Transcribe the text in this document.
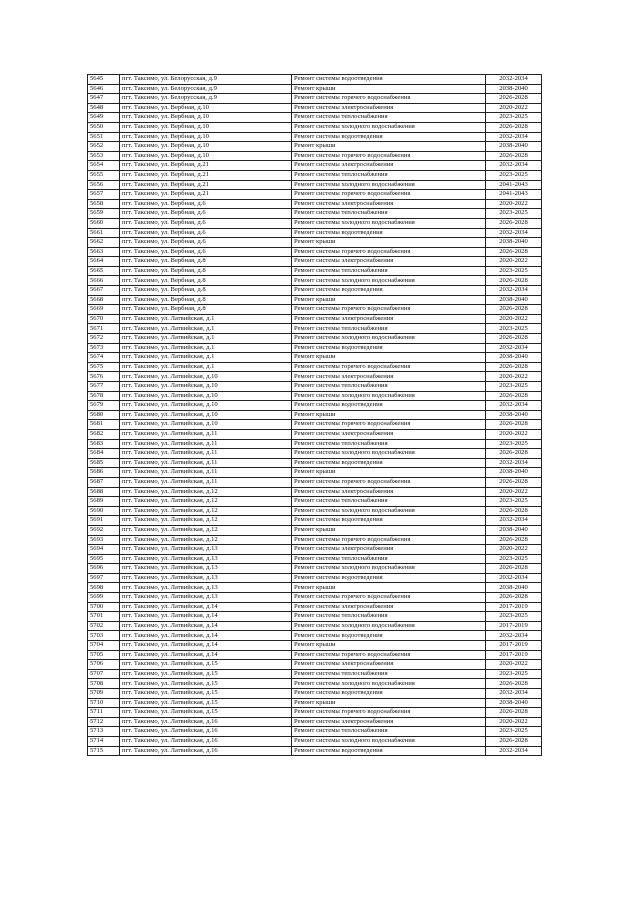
5645	пгт. Таксимо, ул. Белорусская, д.9	Ремонт системы водоотведения	2032-2034
5646	пгт. Таксимо, ул. Белорусская, д.9	Ремонт крыши	2038-2040
5647	пгт. Таксимо, ул. Белорусская, д.9	Ремонт системы горячего водоснабжения	2026-2028
5648	пгт. Таксимо, ул. Вербная, д.10	Ремонт системы электроснабжения	2020-2022
5649	пгт. Таксимо, ул. Вербная, д.10	Ремонт системы теплоснабжения	2023-2025
5650	пгт. Таксимо, ул. Вербная, д.10	Ремонт системы холодного водоснабжения	2026-2028
5651	пгт. Таксимо, ул. Вербная, д.10	Ремонт системы водоотведения	2032-2034
5652	пгт. Таксимо, ул. Вербная, д.10	Ремонт крыши	2038-2040
5653	пгт. Таксимо, ул. Вербная, д.10	Ремонт системы горячего водоснабжения	2026-2028
5654	пгт. Таксимо, ул. Вербная, д.21	Ремонт системы электроснабжения	2032-2034
5655	пгт. Таксимо, ул. Вербная, д.21	Ремонт системы теплоснабжения	2023-2025
5656	пгт. Таксимо, ул. Вербная, д.21	Ремонт системы холодного водоснабжения	2041-2043
5657	пгт. Таксимо, ул. Вербная, д.21	Ремонт системы горячего водоснабжения	2041-2043
5658	пгт. Таксимо, ул. Вербная, д.6	Ремонт системы электроснабжения	2020-2022
5659	пгт. Таксимо, ул. Вербная, д.6	Ремонт системы теплоснабжения	2023-2025
5660	пгт. Таксимо, ул. Вербная, д.6	Ремонт системы холодного водоснабжения	2026-2028
5661	пгт. Таксимо, ул. Вербная, д.6	Ремонт системы водоотведения	2032-2034
5662	пгт. Таксимо, ул. Вербная, д.6	Ремонт крыши	2038-2040
5663	пгт. Таксимо, ул. Вербная, д.6	Ремонт системы горячего водоснабжения	2026-2028
5664	пгт. Таксимо, ул. Вербная, д.8	Ремонт системы электроснабжения	2020-2022
5665	пгт. Таксимо, ул. Вербная, д.8	Ремонт системы теплоснабжения	2023-2025
5666	пгт. Таксимо, ул. Вербная, д.8	Ремонт системы холодного водоснабжения	2026-2028
5667	пгт. Таксимо, ул. Вербная, д.8	Ремонт системы водоотведения	2032-2034
5668	пгт. Таксимо, ул. Вербная, д.8	Ремонт крыши	2038-2040
5669	пгт. Таксимо, ул. Вербная, д.8	Ремонт системы горячего водоснабжения	2026-2028
5670	пгт. Таксимо, ул. Латвийская, д.1	Ремонт системы электроснабжения	2020-2022
5671	пгт. Таксимо, ул. Латвийская, д.1	Ремонт системы теплоснабжения	2023-2025
5672	пгт. Таксимо, ул. Латвийская, д.1	Ремонт системы холодного водоснабжения	2026-2028
5673	пгт. Таксимо, ул. Латвийская, д.1	Ремонт системы водоотведения	2032-2034
5674	пгт. Таксимо, ул. Латвийская, д.1	Ремонт крыши	2038-2040
5675	пгт. Таксимо, ул. Латвийская, д.1	Ремонт системы горячего водоснабжения	2026-2028
5676	пгт. Таксимо, ул. Латвийская, д.10	Ремонт системы электроснабжения	2020-2022
5677	пгт. Таксимо, ул. Латвийская, д.10	Ремонт системы теплоснабжения	2023-2025
5678	пгт. Таксимо, ул. Латвийская, д.10	Ремонт системы холодного водоснабжения	2026-2028
5679	пгт. Таксимо, ул. Латвийская, д.10	Ремонт системы водоотведения	2032-2034
5680	пгт. Таксимо, ул. Латвийская, д.10	Ремонт крыши	2038-2040
5681	пгт. Таксимо, ул. Латвийская, д.10	Ремонт системы горячего водоснабжения	2026-2028
5682	пгт. Таксимо, ул. Латвийская, д.11	Ремонт системы электроснабжения	2020-2022
5683	пгт. Таксимо, ул. Латвийская, д.11	Ремонт системы теплоснабжения	2023-2025
5684	пгт. Таксимо, ул. Латвийская, д.11	Ремонт системы холодного водоснабжения	2026-2028
5685	пгт. Таксимо, ул. Латвийская, д.11	Ремонт системы водоотведения	2032-2034
5686	пгт. Таксимо, ул. Латвийская, д.11	Ремонт крыши	2038-2040
5687	пгт. Таксимо, ул. Латвийская, д.11	Ремонт системы горячего водоснабжения	2026-2028
5688	пгт. Таксимо, ул. Латвийская, д.12	Ремонт системы электроснабжения	2020-2022
5689	пгт. Таксимо, ул. Латвийская, д.12	Ремонт системы теплоснабжения	2023-2025
5690	пгт. Таксимо, ул. Латвийская, д.12	Ремонт системы холодного водоснабжения	2026-2028
5691	пгт. Таксимо, ул. Латвийская, д.12	Ремонт системы водоотведения	2032-2034
5692	пгт. Таксимо, ул. Латвийская, д.12	Ремонт крыши	2038-2040
5693	пгт. Таксимо, ул. Латвийская, д.12	Ремонт системы горячего водоснабжения	2026-2028
5694	пгт. Таксимо, ул. Латвийская, д.13	Ремонт системы электроснабжения	2020-2022
5695	пгт. Таксимо, ул. Латвийская, д.13	Ремонт системы теплоснабжения	2023-2025
5696	пгт. Таксимо, ул. Латвийская, д.13	Ремонт системы холодного водоснабжения	2026-2028
5697	пгт. Таксимо, ул. Латвийская, д.13	Ремонт системы водоотведения	2032-2034
5698	пгт. Таксимо, ул. Латвийская, д.13	Ремонт крыши	2038-2040
5699	пгт. Таксимо, ул. Латвийская, д.13	Ремонт системы горячего водоснабжения	2026-2028
5700	пгт. Таксимо, ул. Латвийская, д.14	Ремонт системы электроснабжения	2017-2019
5701	пгт. Таксимо, ул. Латвийская, д.14	Ремонт системы теплоснабжения	2023-2025
5702	пгт. Таксимо, ул. Латвийская, д.14	Ремонт системы холодного водоснабжения	2017-2019
5703	пгт. Таксимо, ул. Латвийская, д.14	Ремонт системы водоотведения	2032-2034
5704	пгт. Таксимо, ул. Латвийская, д.14	Ремонт крыши	2017-2019
5705	пгт. Таксимо, ул. Латвийская, д.14	Ремонт системы горячего водоснабжения	2017-2019
5706	пгт. Таксимо, ул. Латвийская, д.15	Ремонт системы электроснабжения	2020-2022
5707	пгт. Таксимо, ул. Латвийская, д.15	Ремонт системы теплоснабжения	2023-2025
5708	пгт. Таксимо, ул. Латвийская, д.15	Ремонт системы холодного водоснабжения	2026-2028
5709	пгт. Таксимо, ул. Латвийская, д.15	Ремонт системы водоотведения	2032-2034
5710	пгт. Таксимо, ул. Латвийская, д.15	Ремонт крыши	2038-2040
5711	пгт. Таксимо, ул. Латвийская, д.15	Ремонт системы горячего водоснабжения	2026-2028
5712	пгт. Таксимо, ул. Латвийская, д.16	Ремонт системы электроснабжения	2020-2022
5713	пгт. Таксимо, ул. Латвийская, д.16	Ремонт системы теплоснабжения	2023-2025
5714	пгт. Таксимо, ул. Латвийская, д.16	Ремонт системы холодного водоснабжения	2026-2028
5715	пгт. Таксимо, ул. Латвийская, д.16	Ремонт системы водоотведения	2032-2034
